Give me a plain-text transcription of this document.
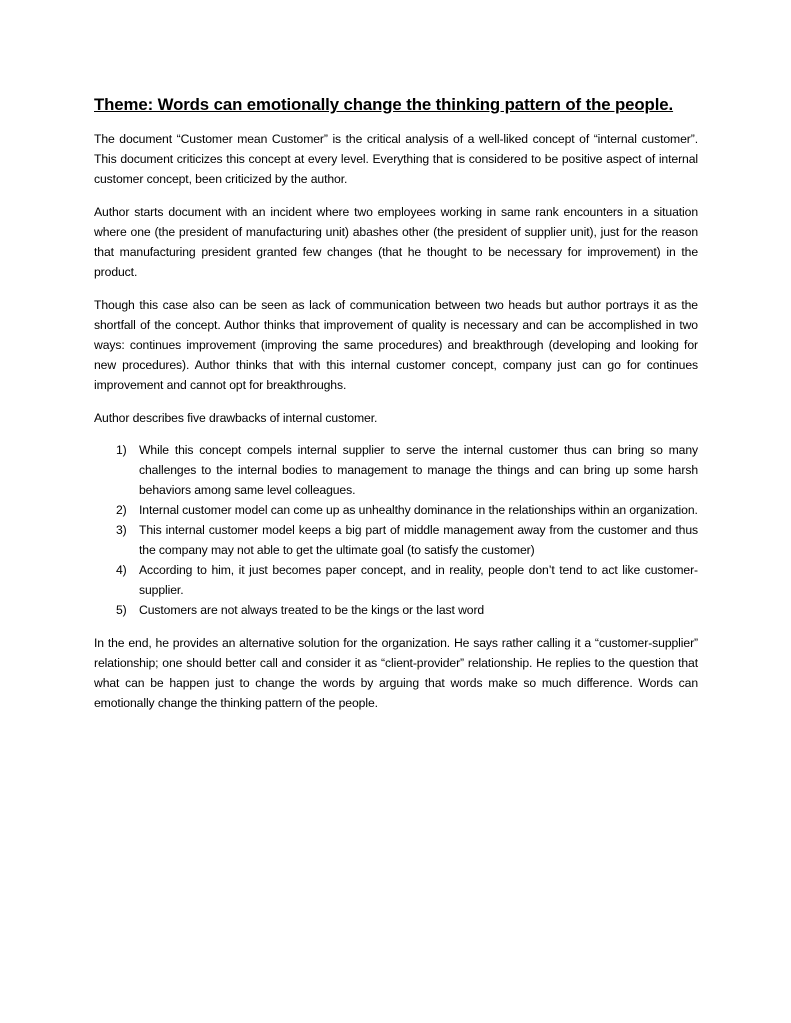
Theme: Words can emotionally change the thinking pattern of the people.

The document “Customer mean Customer” is the critical analysis of a well-liked concept of “internal customer”. This document criticizes this concept at every level. Everything that is considered to be positive aspect of internal customer concept, been criticized by the author.

Author starts document with an incident where two employees working in same rank encounters in a situation where one (the president of manufacturing unit) abashes other (the president of supplier unit), just for the reason that manufacturing president granted few changes (that he thought to be necessary for improvement) in the product.

Though this case also can be seen as lack of communication between two heads but author portrays it as the shortfall of the concept. Author thinks that improvement of quality is necessary and can be accomplished in two ways: continues improvement (improving the same procedures) and breakthrough (developing and looking for new procedures). Author thinks that with this internal customer concept, company just can go for continues improvement and cannot opt for breakthroughs.

Author describes five drawbacks of internal customer.

1)	While this concept compels internal supplier to serve the internal customer thus can bring so many challenges to the internal bodies to management to manage the things and can bring up some harsh behaviors among same level colleagues.
2)	Internal customer model can come up as unhealthy dominance in the relationships within an organization.
3)	This internal customer model keeps a big part of middle management away from the customer and thus the company may not able to get the ultimate goal (to satisfy the customer)
4)	According to him, it just becomes paper concept, and in reality, people don’t tend to act like customer-supplier.
5)	Customers are not always treated to be the kings or the last word

In the end, he provides an alternative solution for the organization. He says rather calling it a “customer-supplier” relationship; one should better call and consider it as “client-provider” relationship. He replies to the question that what can be happen just to change the words by arguing that words make so much difference. Words can emotionally change the thinking pattern of the people.
